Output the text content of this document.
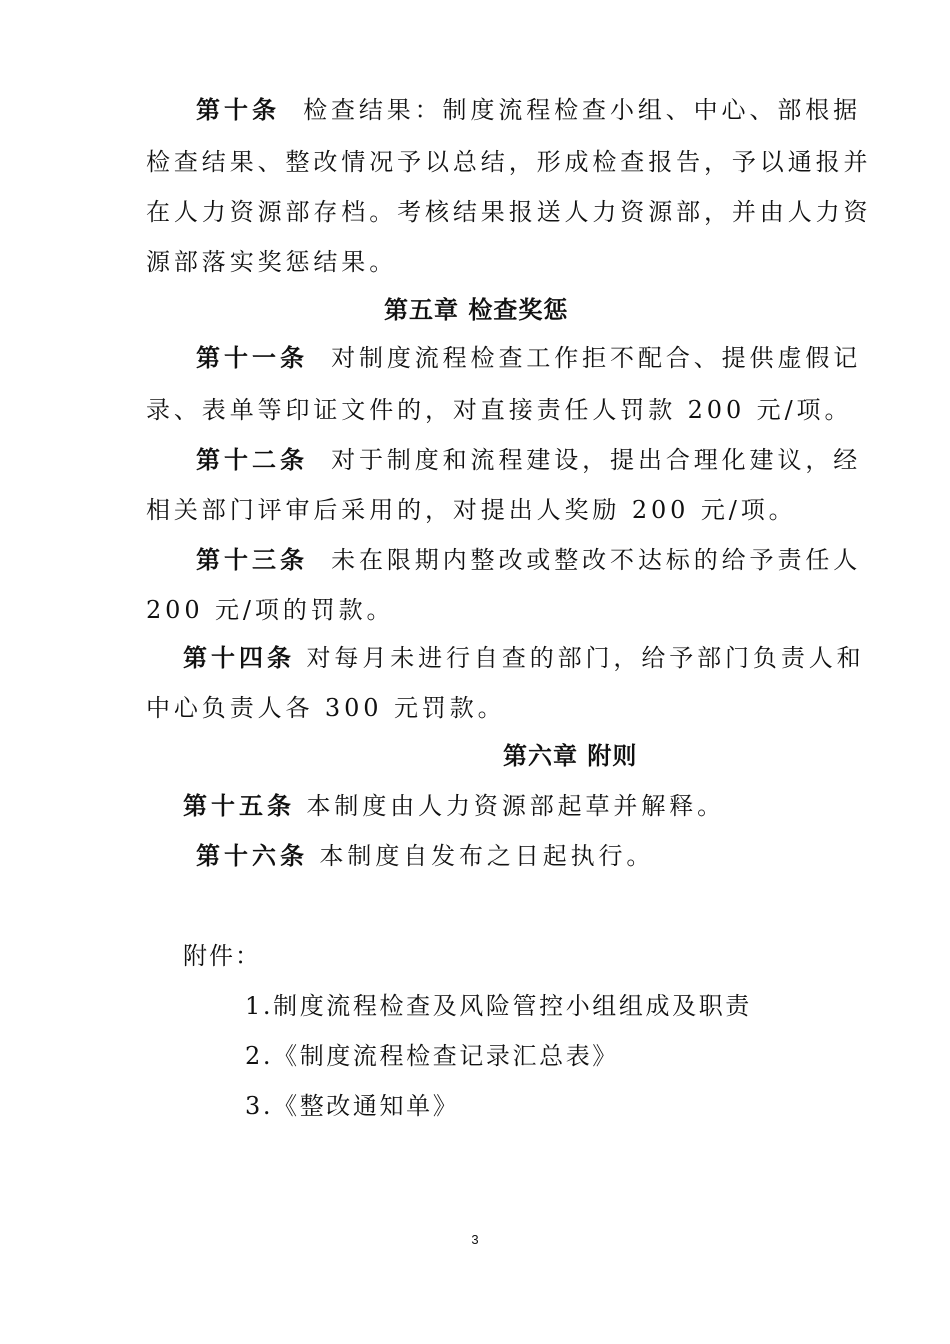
第十条 检查结果：制度流程检查小组、中心、部根据
检查结果、整改情况予以总结，形成检查报告，予以通报并
在人力资源部存档。考核结果报送人力资源部，并由人力资
源部落实奖惩结果。
第五章 检查奖惩
第十一条 对制度流程检查工作拒不配合、提供虚假记
录、表单等印证文件的，对直接责任人罚款 200 元/项。
第十二条 对于制度和流程建设，提出合理化建议，经
相关部门评审后采用的，对提出人奖励 200 元/项。
第十三条 未在限期内整改或整改不达标的给予责任人
200 元/项的罚款。
第十四条 对每月未进行自查的部门，给予部门负责人和
中心负责人各 300 元罚款。
第六章 附则
第十五条 本制度由人力资源部起草并解释。
第十六条 本制度自发布之日起执行。
附件：
1.制度流程检查及风险管控小组组成及职责
2.《制度流程检查记录汇总表》
3.《整改通知单》
3
